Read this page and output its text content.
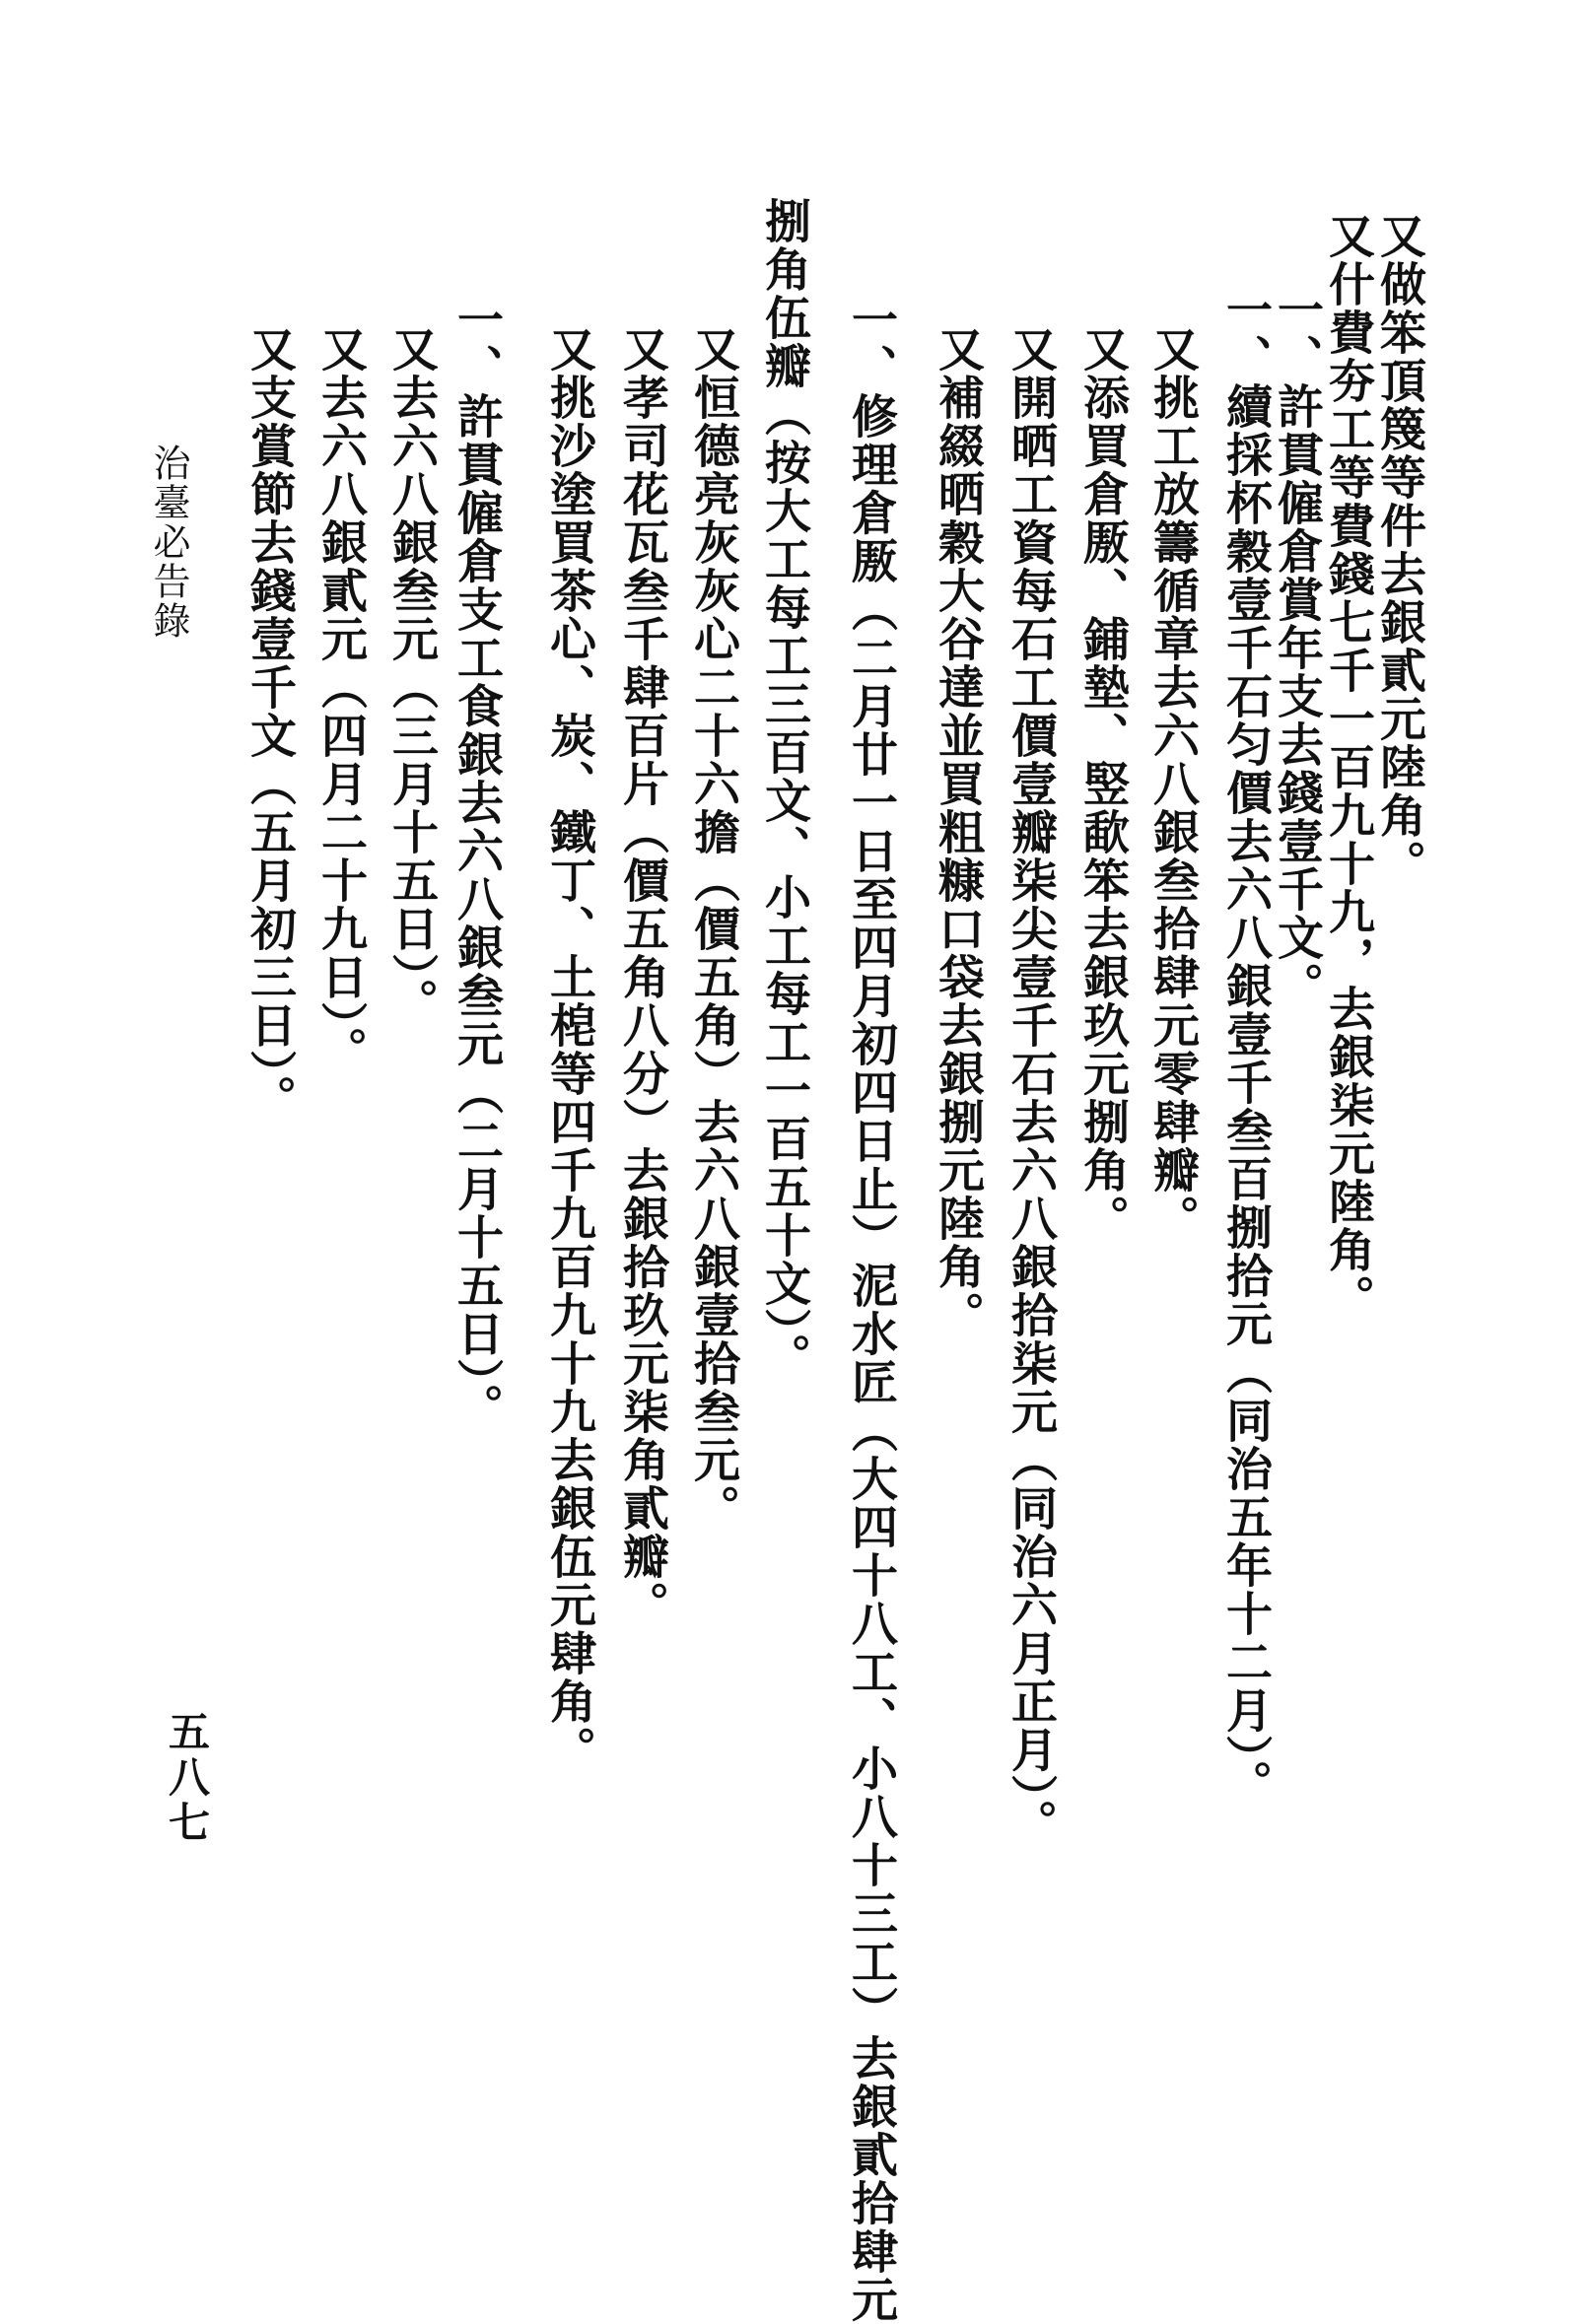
又做笨頂篾等件去銀貳元陸角。
又什費夯工等費錢七千一百九十九，去銀柒元陸角。
一、許貫僱倉賞年支去錢壹千文。
一、續採杯穀壹千石匀價去六八銀壹千叁百捌拾元（同治五年十二月）。
又挑工放籌循章去六八銀叁拾肆元零肆瓣。
又添買倉厫、鋪墊、竪歃笨去銀玖元捌角。
又開晒工資每石工價壹瓣柒尖壹千石去六八銀拾柒元（同治六月正月）。
又補綴晒穀大谷達並買粗糠口袋去銀捌元陸角。
一、修理倉厫（二月廿一日至四月初四日止）泥水匠（大四十八工、小八十三工）去銀貳拾肆元
捌角伍瓣（按大工每工三百文、小工每工一百五十文）。
又恒德亮灰灰心二十六擔（價五角）去六八銀壹拾叁元。
又孝司花瓦叁千肆百片（價五角八分）去銀拾玖元柒角貳瓣。
又挑沙塗買茶心、炭、鐵丁、土梍等四千九百九十九去銀伍元肆角。
一、許貫僱倉支工食銀去六八銀叁元（二月十五日）。
又去六八銀叁元（三月十五日）。
又去六八銀貳元（四月二十九日）。
又支賞節去錢壹千文（五月初三日）。
治臺必告錄
五八七
